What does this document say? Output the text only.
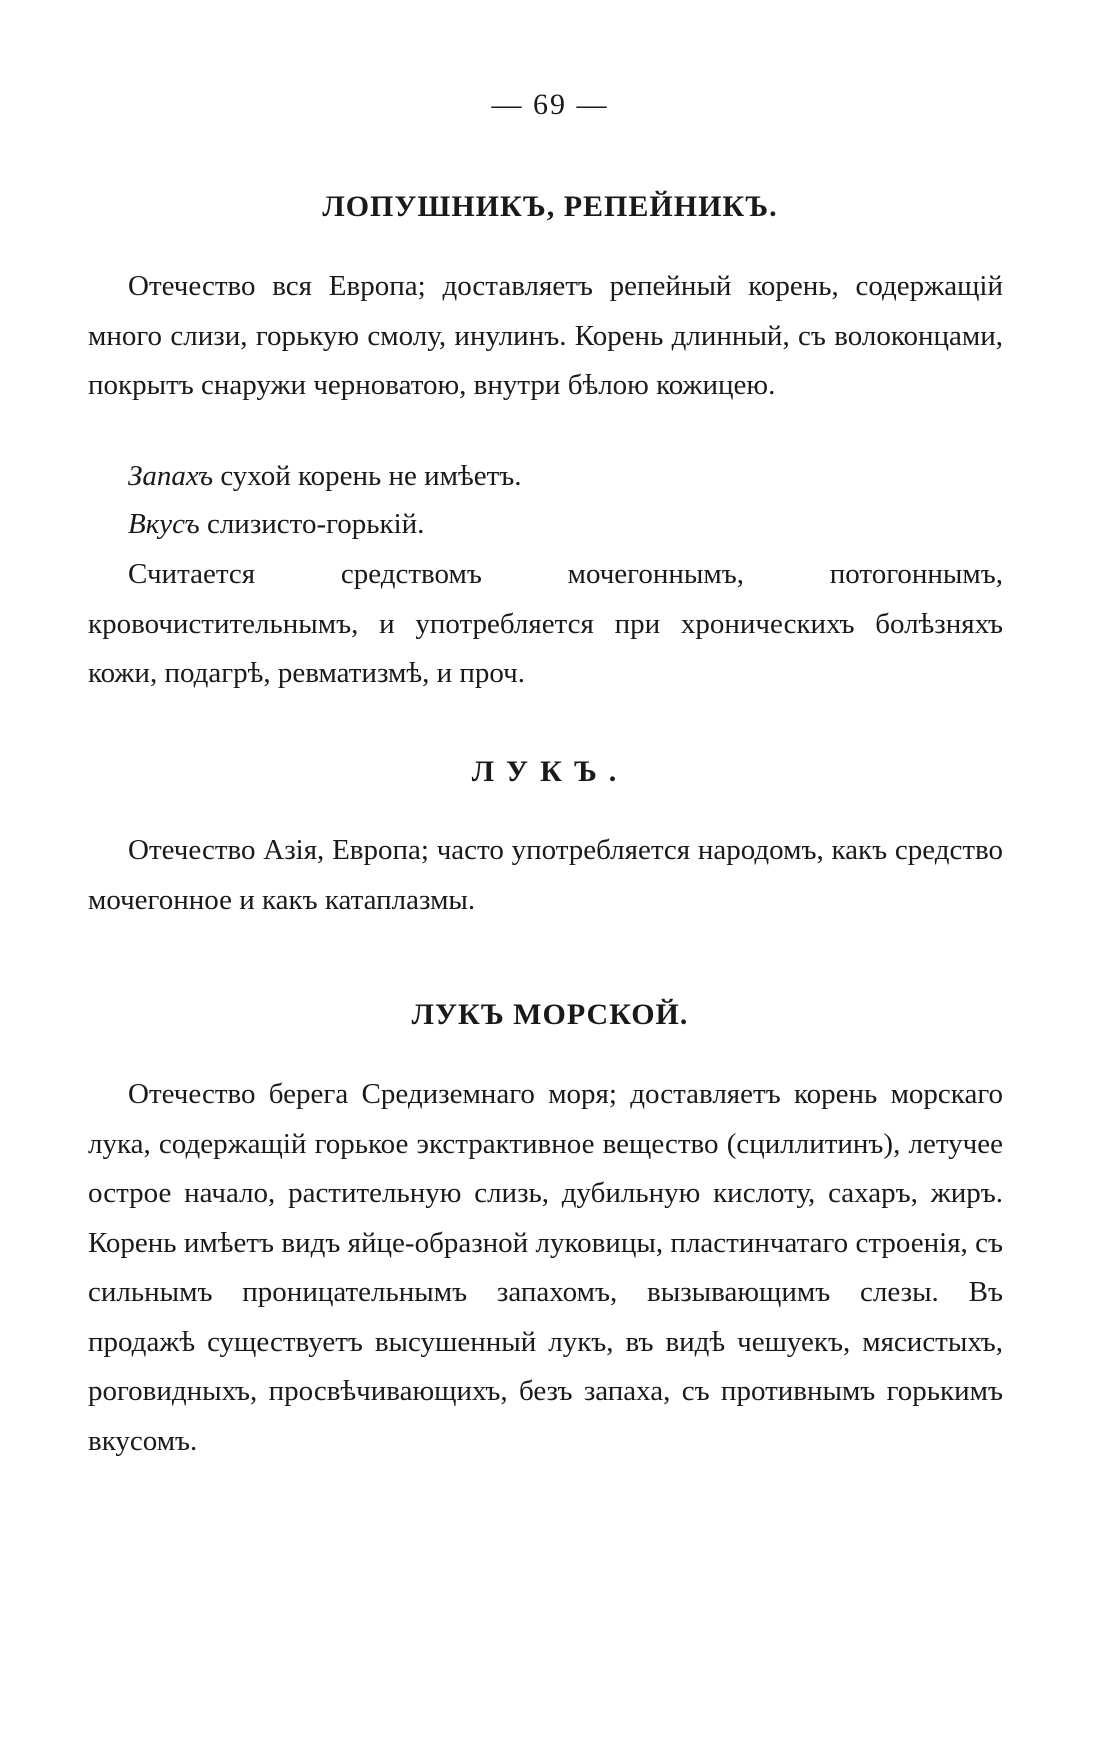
— 69 —
ЛОПУШНИКЪ, РЕПЕЙНИКЪ.

Отечество вся Европа; доставляетъ репейный корень, содержащій много слизи, горькую смолу, инулинъ. Корень длинный, съ волоконцами, покрытъ снаружи черноватою, внутри бѣлою кожицею.

Запахъ сухой корень не имѣетъ.

Вкусъ слизисто-горькій.

Считается средствомъ мочегоннымъ, потогоннымъ, кровочистительнымъ, и употребляется при хроническихъ болѣзняхъ кожи, подагрѣ, ревматизмѣ, и проч.

ЛУКЪ.

Отечество Азія, Европа; часто употребляется народомъ, какъ средство мочегонное и какъ катаплазмы.

ЛУКЪ МОРСКОЙ.

Отечество берега Средиземнаго моря; доставляетъ корень морскаго лука, содержащій горькое экстрактивное вещество (сциллитинъ), летучее острое начало, растительную слизь, дубильную кислоту, сахаръ, жиръ. Корень имѣетъ видъ яйце-образной луковицы, пластинчатаго строенія, съ сильнымъ проницательнымъ запахомъ, вызывающимъ слезы. Въ продажѣ существуетъ высушенный лукъ, въ видѣ чешуекъ, мясистыхъ, роговидныхъ, просвѣчивающихъ, безъ запаха, съ противнымъ горькимъ вкусомъ.
